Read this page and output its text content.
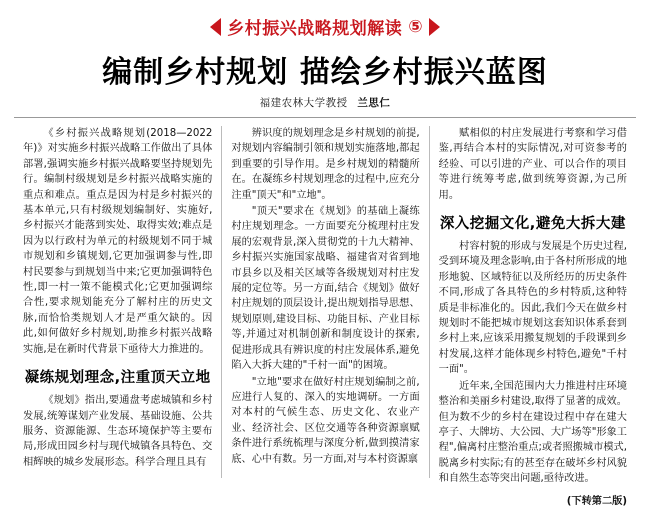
乡村振兴战略规划解读 ⑤
编制乡村规划 描绘乡村振兴蓝图
福建农林大学教授 兰思仁

《乡村振兴战略规划(2018—2022年)》对实施乡村振兴战略工作做出了具体部署,强调实施乡村振兴战略要坚持规划先行。编制村级规划是乡村振兴战略实施的重点和难点。重点是因为村是乡村振兴的基本单元,只有村级规划编制好、实施好,乡村振兴才能落到实处、取得实效;难点是因为以行政村为单元的村级规划不同于城市规划和乡镇规划,它更加强调参与性,即村民要参与到规划当中来;它更加强调特色性,即一村一策不能模式化;它更加强调综合性,要求规划能充分了解村庄的历史文脉,而恰恰类规划人才是严重欠缺的。因此,如何做好乡村规划,助推乡村振兴战略实施,是在新时代背景下亟待大力推进的。

凝练规划理念,注重顶天立地

《规划》指出,要通盘考虑城镇和乡村发展,统筹谋划产业发展、基础设施、公共服务、资源能源、生态环境保护等主要布局,形成田园乡村与现代城镇各具特色、交相辉映的城乡发展形态。科学合理且具有

辨识度的规划理念是乡村规划的前提,对规划内容编制引领和规划实施落地,都起到重要的引导作用。是乡村规划的精髓所在。在凝练乡村规划理念的过程中,应充分注重"顶天"和"立地"。

"顶天"要求在《规划》的基础上凝练村庄规划理念。一方面要充分梳理村庄发展的宏观背景,深入贯彻党的十九大精神、乡村振兴实施国家战略、福建省对省到地市县乡以及相关区域等各级规划对村庄发展的定位等。另一方面,结合《规划》做好村庄规划的顶层设计,提出规划指导思想、规划原则,建设目标、功能目标、产业目标等,并通过对机制创新和制度设计的探索,促进形成具有辨识度的村庄发展体系,避免陷入大拆大建的"千村一面"的困境。

"立地"要求在做好村庄规划编制之前,应进行人复的、深入的实地调研。一方面对本村的气候生态、历史文化、农业产业、经济社会、区位交通等各种资源禀赋条件进行系统梳理与深度分析,做到摸清家底、心中有数。另一方面,对与本村资源禀

赋相似的村庄发展进行考察和学习借鉴,再结合本村的实际情况,对可资参考的经验、可以引进的产业、可以合作的项目等进行统筹考虑,做到统筹资源,为己所用。

深入挖掘文化,避免大拆大建

村容村貌的形成与发展是个历史过程,受到环境及理念影响,由于各村所形成的地形地貌、区域特征以及所经历的历史条件不同,形成了各具特色的乡村特质,这种特质是非标准化的。因此,我们今天在做乡村规划时不能把城市规划这套知识体系套到乡村上来,应该采用搬复规划的手段课到乡村发展,这样才能体现乡村特色,避免"千村一面"。

近年来,全国范围内大力推进村庄环境整治和美丽乡村建设,取得了显著的成效。但为数不少的乡村在建设过程中存在建大亭子、大牌坊、大公园、大广场等"形象工程",偏离村庄整治重点;或者照搬城市模式,脱离乡村实际;有的甚至存在破坏乡村风貌和自然生态等突出问题,亟待改进。

(下转第二版)
